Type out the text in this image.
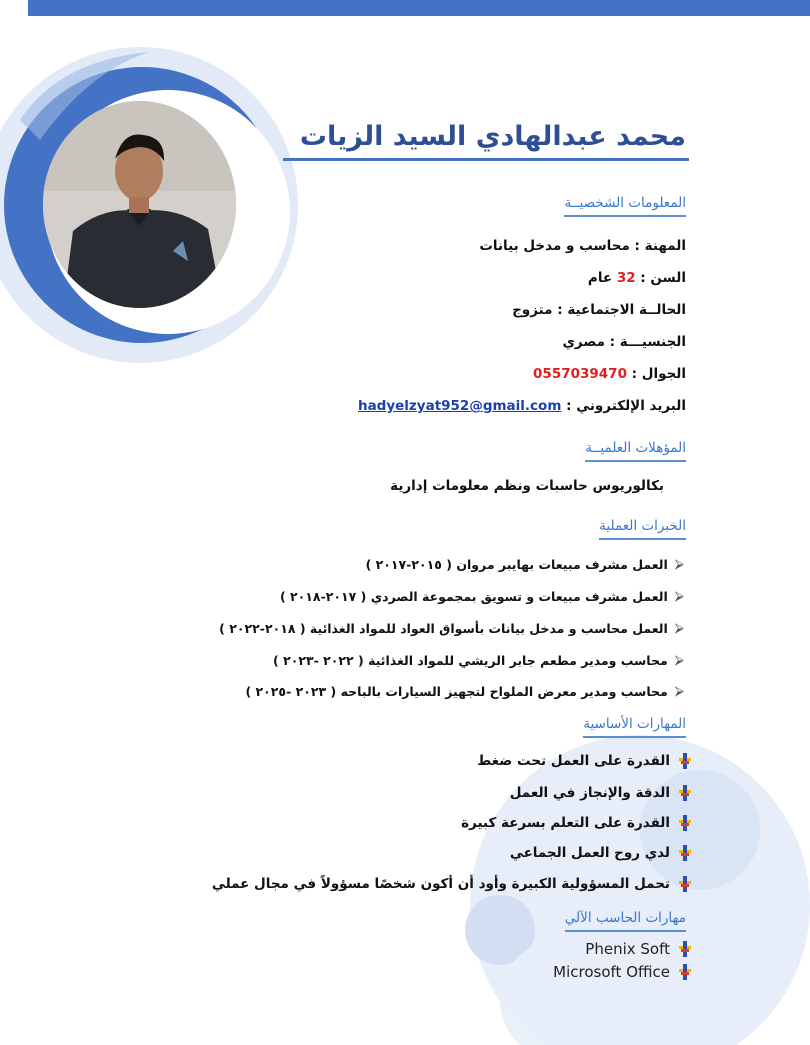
محمد عبدالهادي السيد الزيات
المعلومات الشخصيــة
المهنة : محاسب و مدخل بيانات
السن : 32 عام
الحالــة الاجتماعية : متزوج
الجنسيـــة : مصري
الجوال : 0557039470
البريد الإلكتروني : hadyelzyat952@gmail.com
المؤهلات العلميــة
بكالوريوس حاسبات ونظم معلومات إدارية
الخبرات العملية
⮚
العمل مشرف مبيعات بهايبر مروان ( ٢٠١٥-٢٠١٧ )
⮚
العمل مشرف مبيعات و تسويق بمجموعة الصردي ( ٢٠١٧-٢٠١٨ )
⮚
العمل محاسب و مدخل بيانات بأسواق العواد للمواد الغذائية ( ٢٠١٨-٢٠٢٢ )
⮚
محاسب ومدير مطعم جابر الريشي للمواد الغذائية ( ٢٠٢٢ -٢٠٢٣ )
⮚
محاسب ومدير معرض الملواح لتجهيز السيارات بالباحه ( ٢٠٢٣ -٢٠٢٥ )
المهارات الأساسية
القدرة على العمل تحت ضغط
الدقة والإنجاز في العمل
القدرة على التعلم بسرعة كبيرة
لدي روح العمل الجماعي
تحمل المسؤولية الكبيرة وأود أن أكون شخصًا مسؤولاً في مجال عملي
مهارات الحاسب الآلي
Phenix Soft
Microsoft Office
